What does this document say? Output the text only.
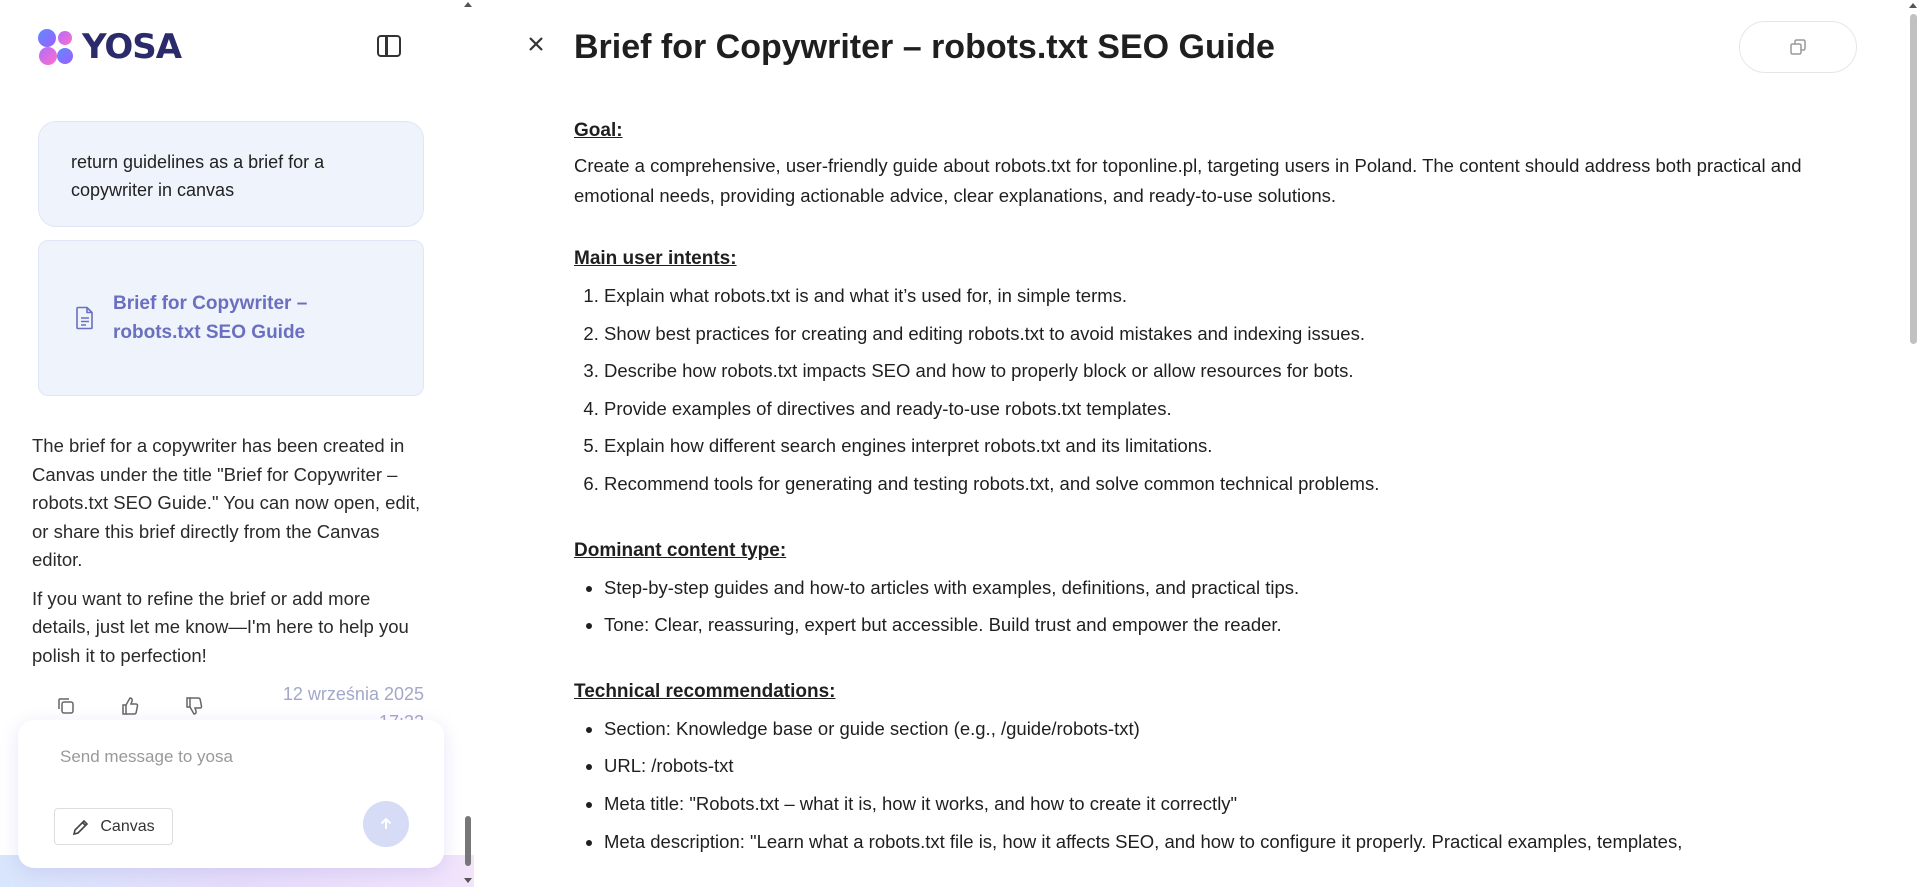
YOSA
return guidelines as a brief for a copywriter in canvas
Brief for Copywriter – robots.txt SEO Guide

The brief for a copywriter has been created in Canvas under the title "Brief for Copywriter – robots.txt SEO Guide." You can now open, edit, or share this brief directly from the Canvas editor.

If you want to refine the brief or add more details, just let me know—I'm here to help you polish it to perfection!

12 września 2025
Send message to yosa
Canvas
Brief for Copywriter – robots.txt SEO Guide
Goal:
Create a comprehensive, user-friendly guide about robots.txt for toponline.pl, targeting users in Poland. The content should address both practical and emotional needs, providing actionable advice, clear explanations, and ready-to-use solutions.
Main user intents:
1. Explain what robots.txt is and what it’s used for, in simple terms.
2. Show best practices for creating and editing robots.txt to avoid mistakes and indexing issues.
3. Describe how robots.txt impacts SEO and how to properly block or allow resources for bots.
4. Provide examples of directives and ready-to-use robots.txt templates.
5. Explain how different search engines interpret robots.txt and its limitations.
6. Recommend tools for generating and testing robots.txt, and solve common technical problems.
Dominant content type:
• Step-by-step guides and how-to articles with examples, definitions, and practical tips.
• Tone: Clear, reassuring, expert but accessible. Build trust and empower the reader.
Technical recommendations:
• Section: Knowledge base or guide section (e.g., /guide/robots-txt)
• URL: /robots-txt
• Meta title: "Robots.txt – what it is, how it works, and how to create it correctly"
• Meta description: "Learn what a robots.txt file is, how it affects SEO, and how to configure it properly. Practical examples, templates,
